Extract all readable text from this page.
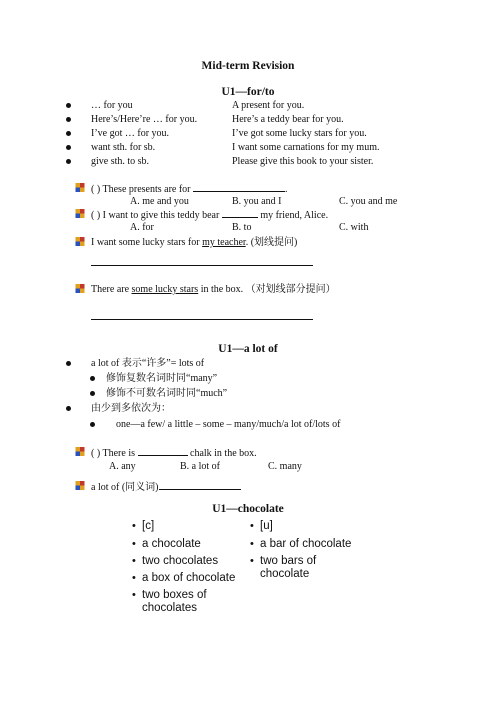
Mid-term Revision
U1—for/to
… for you	A present for you.
Here’s/Here’re … for you.	Here’s a teddy bear for you.
I’ve got … for you.	I’ve got some lucky stars for you.
want sth. for sb.	I want some carnations for my mum.
give sth. to sb.	Please give this book to your sister.
( ) These presents are for	.
A. me and you	B. you and I	C. you and me
( ) I want to give this teddy bear	my friend, Alice.
A. for	B. to	C. with
I want some lucky stars for my teacher. (划线提问)
There are some lucky stars in the box. （对划线部分提问）
U1—a lot of
a lot of 表示“许多”= lots of
修饰复数名词时同“many”
修饰不可数名词时同“much”
由少到多依次为：
one—a few/ a little – some – many/much/a lot of/lots of
( ) There is	chalk in the box.
A. any	B. a lot of	C. many
a lot of (同义词)
U1—chocolate
• [c]
• a chocolate
• two chocolates
• a box of chocolate
• two boxes of chocolates
• [u]
• a bar of chocolate
• two bars of chocolate
